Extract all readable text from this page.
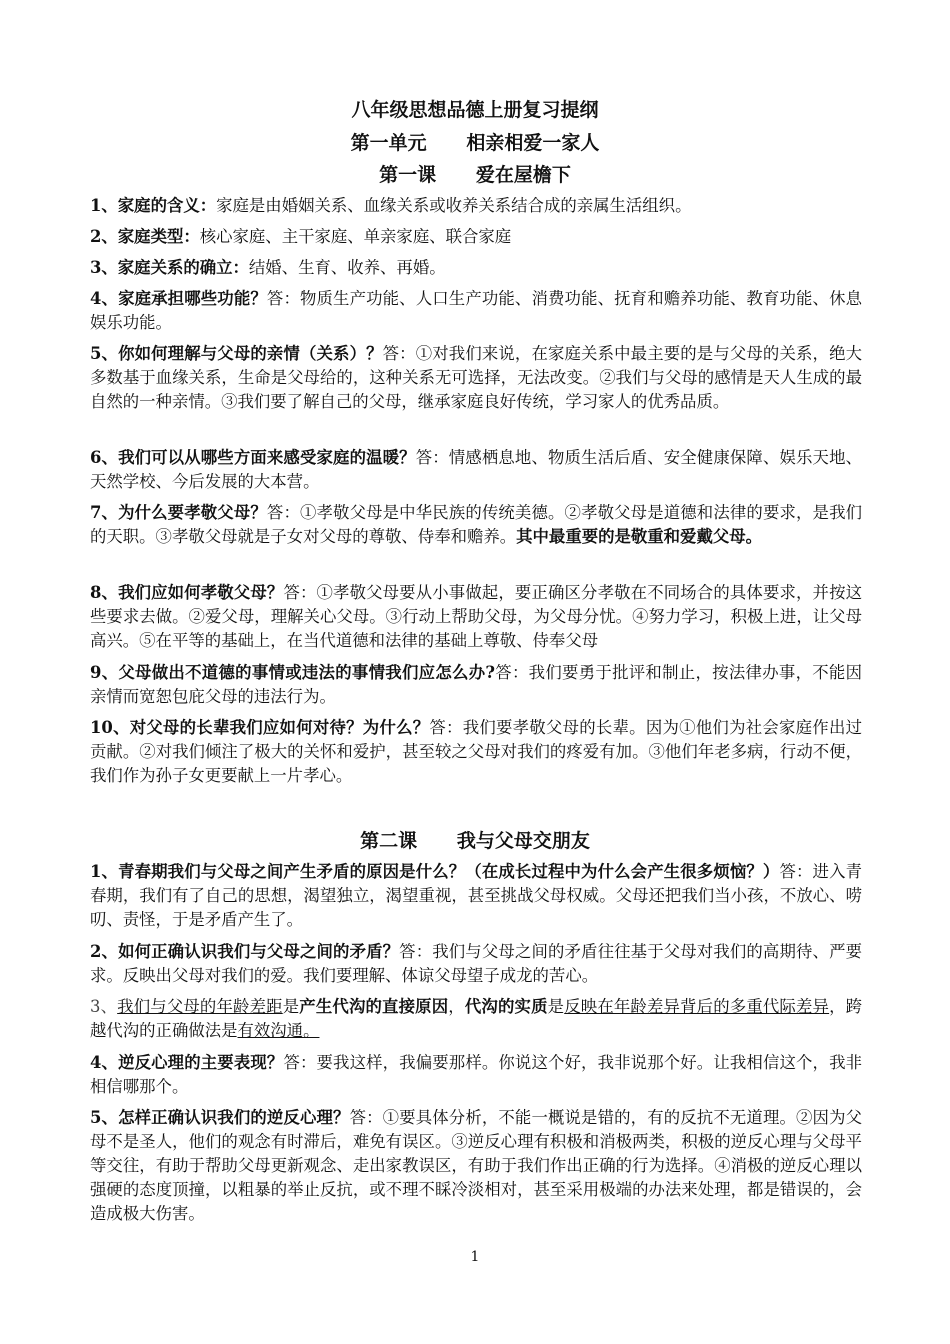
八年级思想品德上册复习提纲
第一单元      相亲相爱一家人
第一课      爱在屋檐下
1、家庭的含义：家庭是由婚姻关系、血缘关系或收养关系结合成的亲属生活组织。
2、家庭类型：核心家庭、主干家庭、单亲家庭、联合家庭
3、家庭关系的确立：结婚、生育、收养、再婚。
4、家庭承担哪些功能？答：物质生产功能、人口生产功能、消费功能、抚育和赡养功能、教育功能、休息娱乐功能。
5、你如何理解与父母的亲情（关系）？答：①对我们来说，在家庭关系中最主要的是与父母的关系，绝大多数基于血缘关系，生命是父母给的，这种关系无可选择，无法改变。②我们与父母的感情是天人生成的最自然的一种亲情。③我们要了解自己的父母，继承家庭良好传统，学习家人的优秀品质。
6、我们可以从哪些方面来感受家庭的温暖？答：情感栖息地、物质生活后盾、安全健康保障、娱乐天地、天然学校、今后发展的大本营。
7、为什么要孝敬父母？答：①孝敬父母是中华民族的传统美德。②孝敬父母是道德和法律的要求，是我们的天职。③孝敬父母就是子女对父母的尊敬、侍奉和赡养。其中最重要的是敬重和爱戴父母。
8、我们应如何孝敬父母？答：①孝敬父母要从小事做起，要正确区分孝敬在不同场合的具体要求，并按这些要求去做。②爱父母，理解关心父母。③行动上帮助父母，为父母分忧。④努力学习，积极上进，让父母高兴。⑤在平等的基础上，在当代道德和法律的基础上尊敬、侍奉父母
9、父母做出不道德的事情或违法的事情我们应怎么办?答：我们要勇于批评和制止，按法律办事，不能因亲情而宽恕包庇父母的违法行为。
10、对父母的长辈我们应如何对待？为什么？答：我们要孝敬父母的长辈。因为①他们为社会家庭作出过贡献。②对我们倾注了极大的关怀和爱护，甚至较之父母对我们的疼爱有加。③他们年老多病，行动不便，我们作为孙子女更要献上一片孝心。
第二课      我与父母交朋友
1、青春期我们与父母之间产生矛盾的原因是什么？（在成长过程中为什么会产生很多烦恼？）答：进入青春期，我们有了自己的思想，渴望独立，渴望重视，甚至挑战父母权威。父母还把我们当小孩，不放心、唠叨、责怪，于是矛盾产生了。
2、如何正确认识我们与父母之间的矛盾？答：我们与父母之间的矛盾往往基于父母对我们的高期待、严要求。反映出父母对我们的爱。我们要理解、体谅父母望子成龙的苦心。
3、我们与父母的年龄差距是产生代沟的直接原因，代沟的实质是反映在年龄差异背后的多重代际差异，跨越代沟的正确做法是有效沟通。
4、逆反心理的主要表现？答：要我这样，我偏要那样。你说这个好，我非说那个好。让我相信这个，我非相信哪那个。
5、怎样正确认识我们的逆反心理？答：①要具体分析，不能一概说是错的，有的反抗不无道理。②因为父母不是圣人，他们的观念有时滞后，难免有误区。③逆反心理有积极和消极两类，积极的逆反心理与父母平等交往，有助于帮助父母更新观念、走出家教误区，有助于我们作出正确的行为选择。④消极的逆反心理以强硬的态度顶撞，以粗暴的举止反抗，或不理不睬冷淡相对，甚至采用极端的办法来处理，都是错误的，会造成极大伤害。
1
